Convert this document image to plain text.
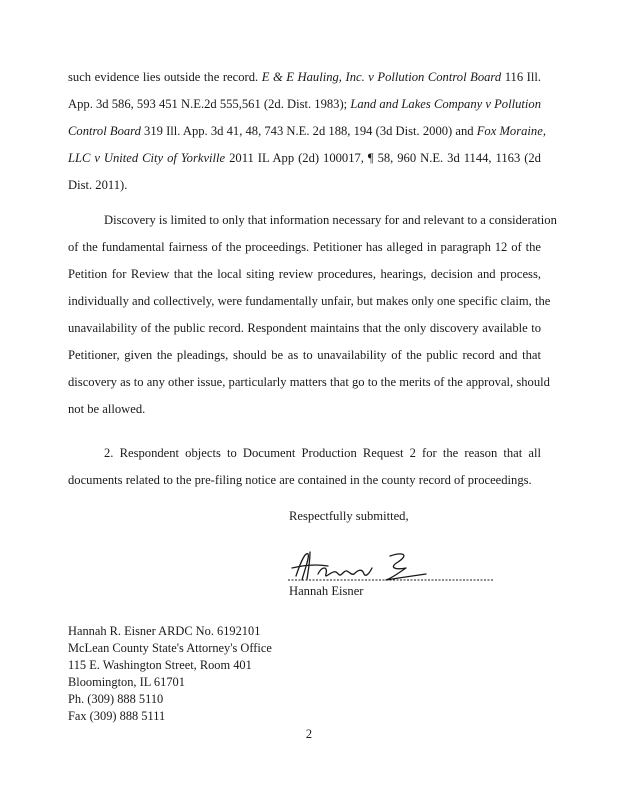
such evidence lies outside the record. E & E Hauling, Inc. v Pollution Control Board 116 Ill.
App. 3d 586, 593 451 N.E.2d 555,561 (2d. Dist. 1983); Land and Lakes Company v Pollution
Control Board 319 Ill. App. 3d 41, 48, 743 N.E. 2d 188, 194 (3d Dist. 2000) and Fox Moraine,
LLC v United City of Yorkville 2011 IL App (2d) 100017, ¶ 58, 960 N.E. 3d 1144, 1163 (2d
Dist. 2011).
Discovery is limited to only that information necessary for and relevant to a consideration
of the fundamental fairness of the proceedings. Petitioner has alleged in paragraph 12 of the
Petition for Review that the local siting review procedures, hearings, decision and process,
individually and collectively, were fundamentally unfair, but makes only one specific claim, the
unavailability of the public record. Respondent maintains that the only discovery available to
Petitioner, given the pleadings, should be as to unavailability of the public record and that
discovery as to any other issue, particularly matters that go to the merits of the approval, should
not be allowed.
2. Respondent objects to Document Production Request 2 for the reason that all
documents related to the pre-filing notice are contained in the county record of proceedings.
Respectfully submitted,
Hannah Eisner
Hannah R. Eisner ARDC No. 6192101
McLean County State's Attorney's Office
115 E. Washington Street, Room 401
Bloomington, IL 61701
Ph. (309) 888 5110
Fax (309) 888 5111
2
